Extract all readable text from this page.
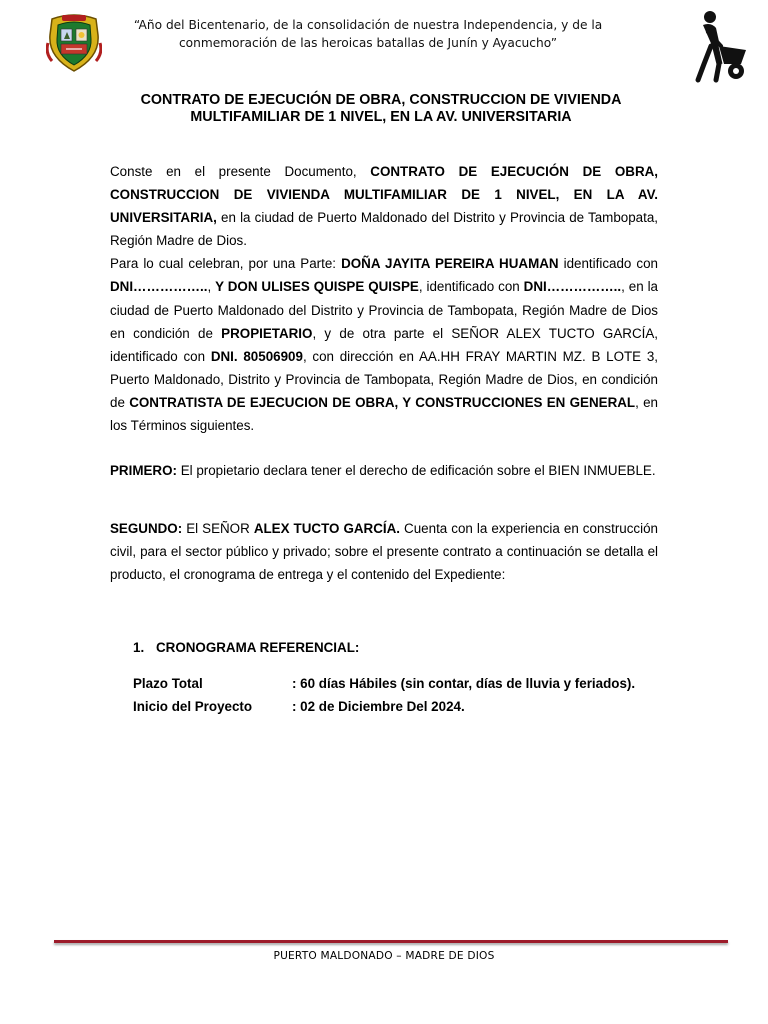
“Año del Bicentenario, de la consolidación de nuestra Independencia, y de la conmemoración de las heroicas batallas de Junín y Ayacucho”
CONTRATO DE EJECUCIÓN DE OBRA, CONSTRUCCION DE VIVIENDA MULTIFAMILIAR DE 1 NIVEL, EN LA AV. UNIVERSITARIA
Conste en el presente Documento, CONTRATO DE EJECUCIÓN DE OBRA, CONSTRUCCION DE VIVIENDA MULTIFAMILIAR DE 1 NIVEL, EN LA AV. UNIVERSITARIA, en la ciudad de Puerto Maldonado del Distrito y Provincia de Tambopata, Región Madre de Dios.
Para lo cual celebran, por una Parte: DOÑA JAYITA PEREIRA HUAMAN identificado con DNI…………….., Y DON ULISES QUISPE QUISPE, identificado con DNI…………….., en la ciudad de Puerto Maldonado del Distrito y Provincia de Tambopata, Región Madre de Dios en condición de PROPIETARIO, y de otra parte el SEÑOR ALEX TUCTO GARCÍA, identificado con DNI. 80506909, con dirección en AA.HH FRAY MARTIN MZ. B LOTE 3, Puerto Maldonado, Distrito y Provincia de Tambopata, Región Madre de Dios, en condición de CONTRATISTA DE EJECUCION DE OBRA, Y CONSTRUCCIONES EN GENERAL, en los Términos siguientes.
PRIMERO: El propietario declara tener el derecho de edificación sobre el BIEN INMUEBLE.
SEGUNDO: El SEÑOR ALEX TUCTO GARCÍA. Cuenta con la experiencia en construcción civil, para el sector público y privado; sobre el presente contrato a continuación se detalla el producto, el cronograma de entrega y el contenido del Expediente:
1. CRONOGRAMA REFERENCIAL:
Plazo Total	: 60 días Hábiles (sin contar, días de lluvia y feriados).
Inicio del Proyecto	: 02 de Diciembre Del 2024.
PUERTO MALDONADO – MADRE DE DIOS
